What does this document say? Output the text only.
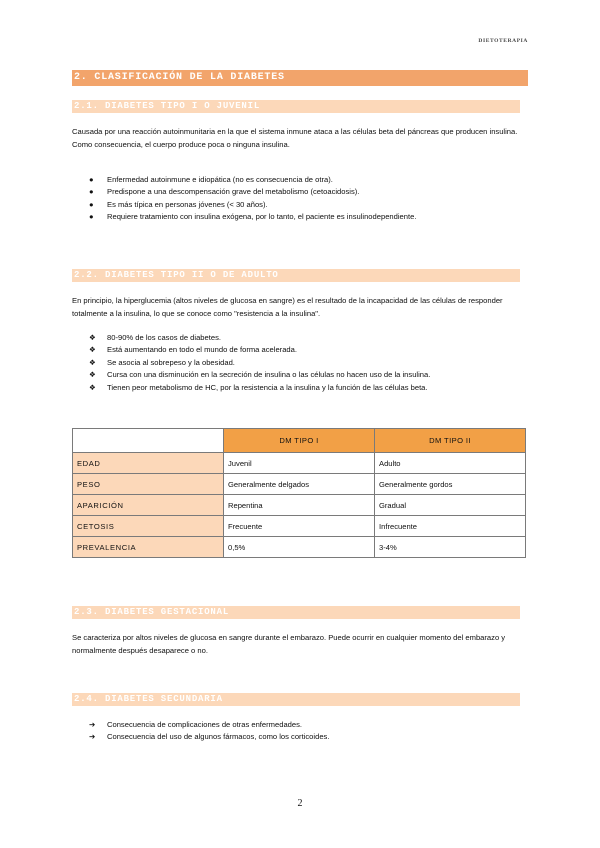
DIETOTERAPIA
2. CLASIFICACIÓN DE LA DIABETES
2.1. DIABETES TIPO I O JUVENIL
Causada por una reacción autoinmunitaria en la que el sistema inmune ataca a las células beta del páncreas que producen insulina. Como consecuencia, el cuerpo produce poca o ninguna insulina.
● Enfermedad autoinmune e idiopática (no es consecuencia de otra).
● Predispone a una descompensación grave del metabolismo (cetoacidosis).
● Es más típica en personas jóvenes (< 30 años).
● Requiere tratamiento con insulina exógena, por lo tanto, el paciente es insulinodependiente.
2.2. DIABETES TIPO II O DE ADULTO
En principio, la hiperglucemia (altos niveles de glucosa en sangre) es el resultado de la incapacidad de las células de responder totalmente a la insulina, lo que se conoce como "resistencia a la insulina".
❖ 80-90% de los casos de diabetes.
❖ Está aumentando en todo el mundo de forma acelerada.
❖ Se asocia al sobrepeso y la obesidad.
❖ Cursa con una disminución en la secreción de insulina o las células no hacen uso de la insulina.
❖ Tienen peor metabolismo de HC, por la resistencia a la insulina y la función de las células beta.
	DM TIPO I	DM TIPO II
EDAD	Juvenil	Adulto
PESO	Generalmente delgados	Generalmente gordos
APARICIÓN	Repentina	Gradual
CETOSIS	Frecuente	Infrecuente
PREVALENCIA	0,5%	3-4%
2.3. DIABETES GESTACIONAL
Se caracteriza por altos niveles de glucosa en sangre durante el embarazo. Puede ocurrir en cualquier momento del embarazo y normalmente después desaparece o no.
2.4. DIABETES SECUNDARIA
➔ Consecuencia de complicaciones de otras enfermedades.
➔ Consecuencia del uso de algunos fármacos, como los corticoides.
2
